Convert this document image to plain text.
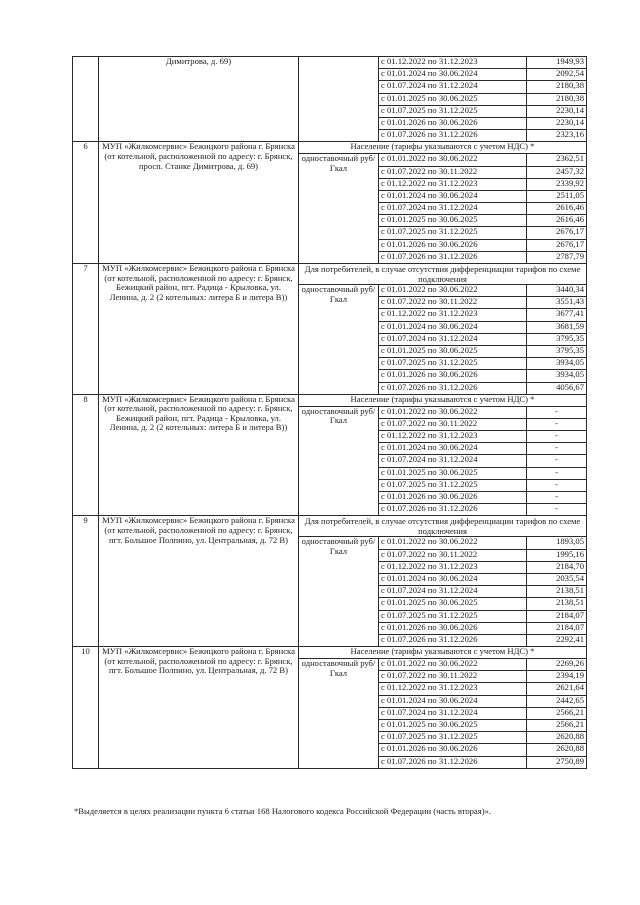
	Димитрова, д. 69)		с 01.12.2022 по 31.12.2023	1949,93
			с 01.01.2024 по 30.06.2024	2092,54
			с 01.07.2024 по 31.12.2024	2180,38
			с 01.01.2025 по 30.06.2025	2180,38
			с 01.07.2025 по 31.12.2025	2230,14
			с 01.01.2026 по 30.06.2026	2230,14
			с 01.07.2026 по 31.12.2026	2323,16
6	МУП «Жилкомсервис» Бежицкого района г. Брянска (от котельной, расположенной по адресу: г. Брянск, просп. Станке Димитрова, д. 69)	Население (тарифы указываются с учетом НДС) *		
		одноставочный руб/Гкал	с 01.01.2022 по 30.06.2022	2362,51
			с 01.07.2022 по 30.11.2022	2457,32
			с 01.12.2022 по 31.12.2023	2339,92
			с 01.01.2024 по 30.06.2024	2511,05
			с 01.07.2024 по 31.12.2024	2616,46
			с 01.01.2025 по 30.06.2025	2616,46
			с 01.07.2025 по 31.12.2025	2676,17
			с 01.01.2026 по 30.06.2026	2676,17
			с 01.07.2026 по 31.12.2026	2787,79
7	МУП «Жилкомсервис» Бежицкого района г. Брянска (от котельной, расположенной по адресу: г. Брянск, Бежицкий район, пгт. Радица - Крыловка, ул. Ленина, д. 2 (2 котельных: литера Б и литера В))	Для потребителей, в случае отсутствия дифференциации тарифов по схеме подключения		
		одноставочный руб/Гкал	с 01.01.2022 по 30.06.2022	3440,34
			с 01.07.2022 по 30.11.2022	3551,43
			с 01.12.2022 по 31.12.2023	3677,41
			с 01.01.2024 по 30.06.2024	3681,59
			с 01.07.2024 по 31.12.2024	3795,35
			с 01.01.2025 по 30.06.2025	3795,35
			с 01.07.2025 по 31.12.2025	3934,05
			с 01.01.2026 по 30.06.2026	3934,05
			с 01.07.2026 по 31.12.2026	4056,67
8	МУП «Жилкомсервис» Бежицкого района г. Брянска (от котельной, расположенной по адресу: г. Брянск, Бежицкий район, пгт. Радица - Крыловка, ул. Ленина, д. 2 (2 котельных: литера Б и литера В))	Население (тарифы указываются с учетом НДС) *		
		одноставочный руб/Гкал	с 01.01.2022 по 30.06.2022	-
			с 01.07.2022 по 30.11.2022	-
			с 01.12.2022 по 31.12.2023	-
			с 01.01.2024 по 30.06.2024	-
			с 01.07.2024 по 31.12.2024	-
			с 01.01.2025 по 30.06.2025	-
			с 01.07.2025 по 31.12.2025	-
			с 01.01.2026 по 30.06.2026	-
			с 01.07.2026 по 31.12.2026	-
9	МУП «Жилкомсервис» Бежицкого района г. Брянска (от котельной, расположенной по адресу: г. Брянск, пгт. Большое Полпино, ул. Центральная, д. 72 В)	Для потребителей, в случае отсутствия дифференциации тарифов по схеме подключения		
		одноставочный руб/Гкал	с 01.01.2022 по 30.06.2022	1893,05
			с 01.07.2022 по 30.11.2022	1995,16
			с 01.12.2022 по 31.12.2023	2184,70
			с 01.01.2024 по 30.06.2024	2035,54
			с 01.07.2024 по 31.12.2024	2138,51
			с 01.01.2025 по 30.06.2025	2138,51
			с 01.07.2025 по 31.12.2025	2184,07
			с 01.01.2026 по 30.06.2026	2184,07
			с 01.07.2026 по 31.12.2026	2292,41
10	МУП «Жилкомсервис» Бежицкого района г. Брянска (от котельной, расположенной по адресу: г. Брянск, пгт. Большое Полпино, ул. Центральная, д. 72 В)	Население (тарифы указываются с учетом НДС) *		
		одноставочный руб/Гкал	с 01.01.2022 по 30.06.2022	2269,26
			с 01.07.2022 по 30.11.2022	2394,19
			с 01.12.2022 по 31.12.2023	2621,64
			с 01.01.2024 по 30.06.2024	2442,65
			с 01.07.2024 по 31.12.2024	2566,21
			с 01.01.2025 по 30.06.2025	2566,21
			с 01.07.2025 по 31.12.2025	2620,88
			с 01.01.2026 по 30.06.2026	2620,88
			с 01.07.2026 по 31.12.2026	2750,89
*Выделяется в целях реализации пункта 6 статьи 168 Налогового кодекса Российской Федерации (часть вторая)».
